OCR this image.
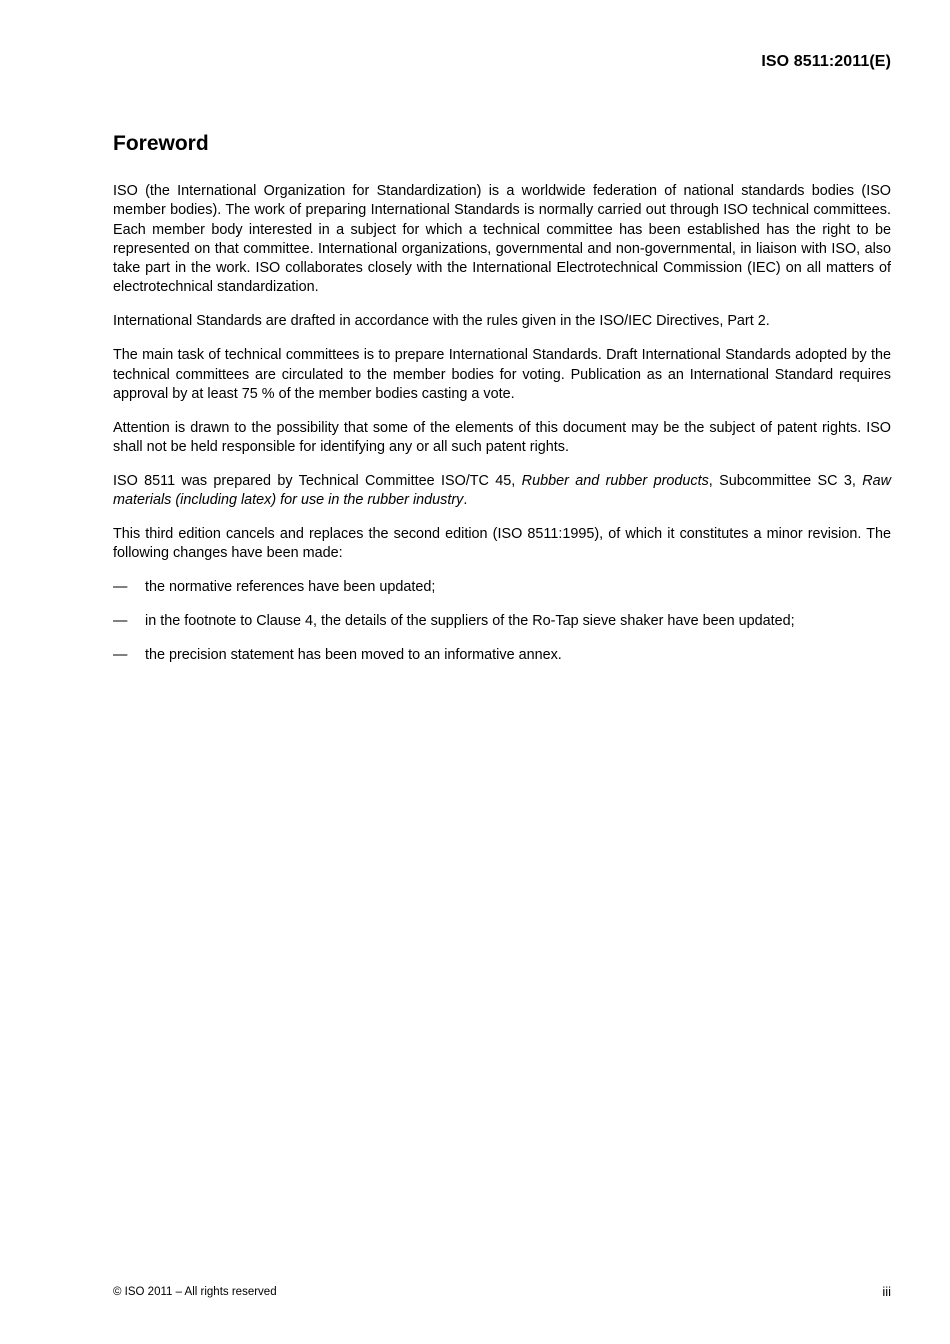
ISO 8511:2011(E)
Foreword

ISO (the International Organization for Standardization) is a worldwide federation of national standards bodies (ISO member bodies). The work of preparing International Standards is normally carried out through ISO technical committees. Each member body interested in a subject for which a technical committee has been established has the right to be represented on that committee. International organizations, governmental and non-governmental, in liaison with ISO, also take part in the work. ISO collaborates closely with the International Electrotechnical Commission (IEC) on all matters of electrotechnical standardization.

International Standards are drafted in accordance with the rules given in the ISO/IEC Directives, Part 2.

The main task of technical committees is to prepare International Standards. Draft International Standards adopted by the technical committees are circulated to the member bodies for voting. Publication as an International Standard requires approval by at least 75 % of the member bodies casting a vote.

Attention is drawn to the possibility that some of the elements of this document may be the subject of patent rights. ISO shall not be held responsible for identifying any or all such patent rights.

ISO 8511 was prepared by Technical Committee ISO/TC 45, Rubber and rubber products, Subcommittee SC 3, Raw materials (including latex) for use in the rubber industry.

This third edition cancels and replaces the second edition (ISO 8511:1995), of which it constitutes a minor revision. The following changes have been made:

—	the normative references have been updated;
—	in the footnote to Clause 4, the details of the suppliers of the Ro-Tap sieve shaker have been updated;
—	the precision statement has been moved to an informative annex.
© ISO 2011 – All rights reserved	iii
